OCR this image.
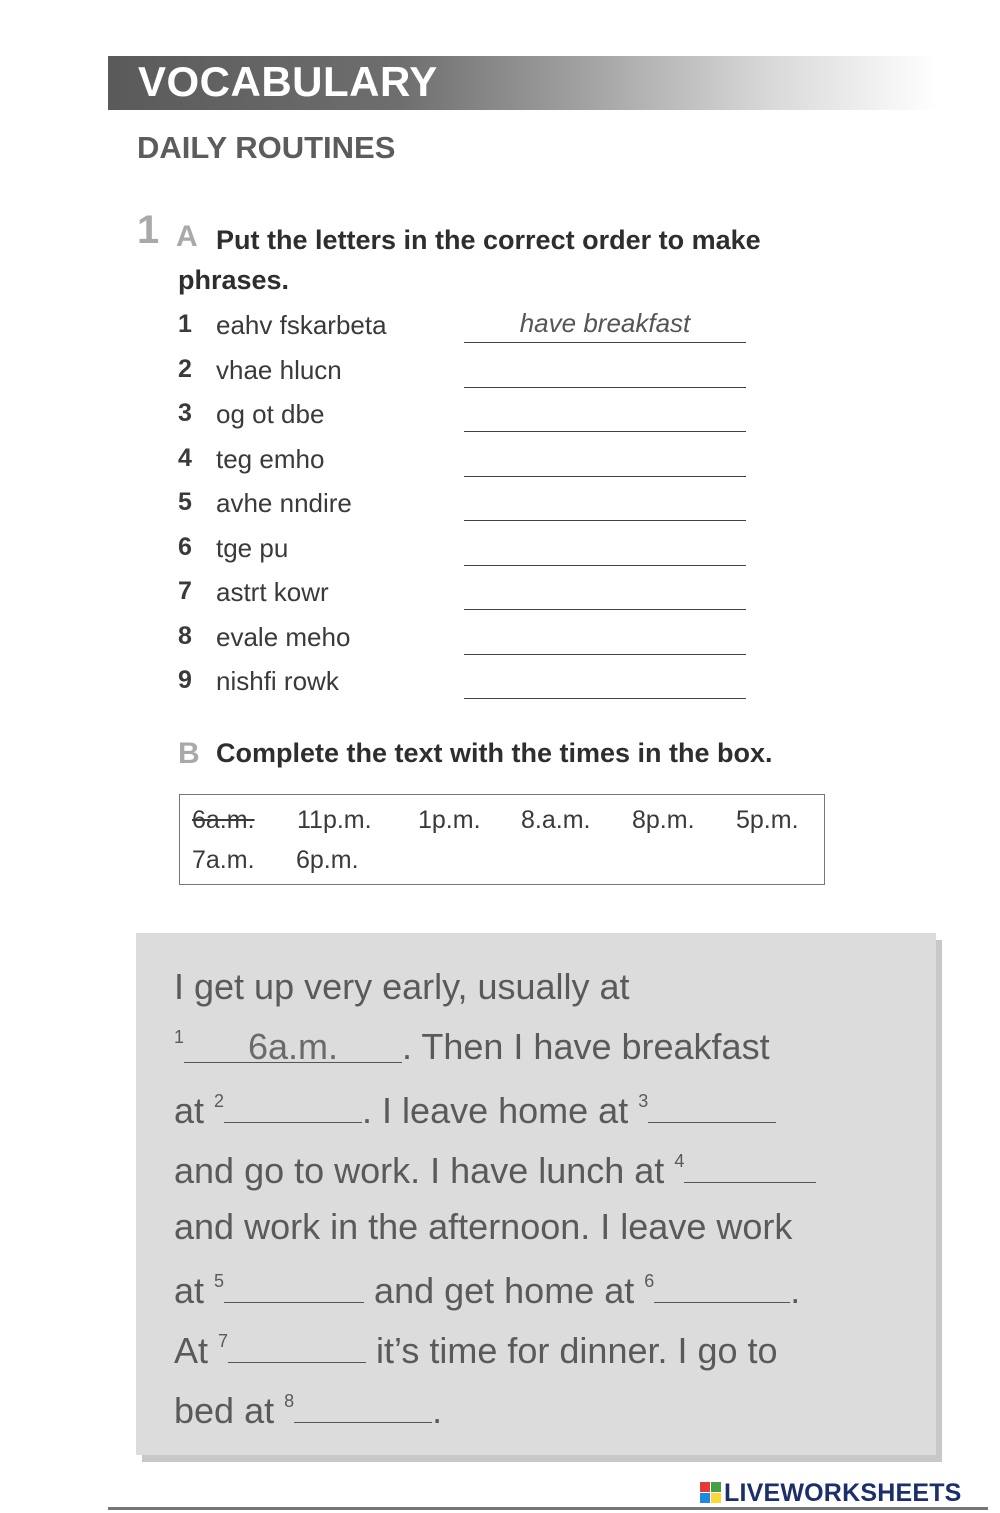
VOCABULARY
DAILY ROUTINES
1 A Put the letters in the correct order to make phrases.
1 eahv fskarbeta
have breakfast
2 vhae hlucn
3 og ot dbe
4 teg emho
5 avhe nndire
6 tge pu
7 astrt kowr
8 evale meho
9 nishfi rowk
B Complete the text with the times in the box.
6a.m. 11p.m. 1p.m. 8.a.m. 8p.m. 5p.m.
7a.m. 6p.m.
I get up very early, usually at
$^1$ 6a.m. . Then I have breakfast
at $^2$	. I leave home at $^3$
and go to work. I have lunch at $^4$
and work in the afternoon. I leave work
at $^5$	and get home at $^6$	.
At $^7$	it’s time for dinner. I go to
bed at $^8$	.
LIVEWORKSHEETS
